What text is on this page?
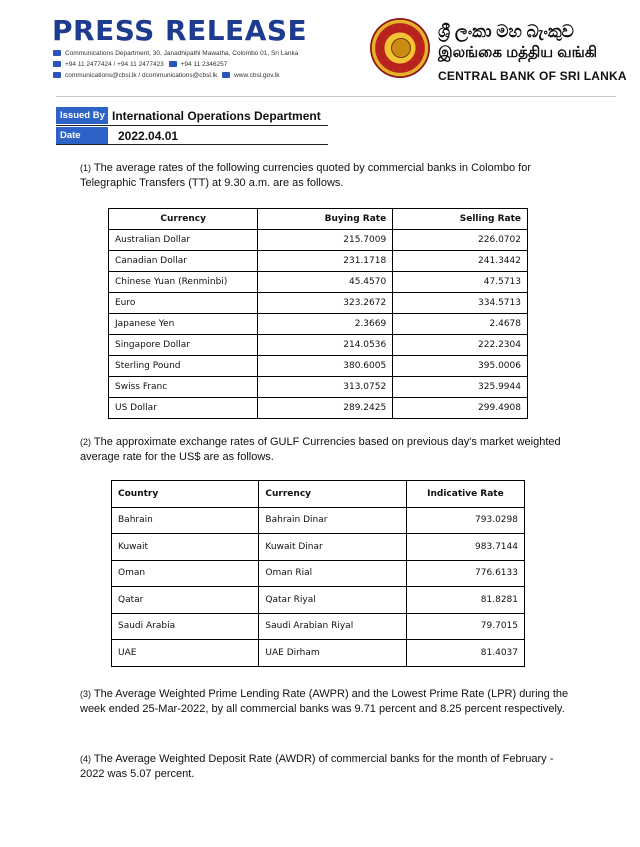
PRESS RELEASE
Communications Department, 30, Janadhipathi Mawatha, Colombo 01, Sri Lanka
+94 11 2477424 / +94 11 2477423	+94 11 2346257
communications@cbsl.lk / dcommunications@cbsl.lk	www.cbsl.gov.lk
ශ්‍රී ලංකා මහ බැංකුව
இலங்கை மத்திய வங்கி
CENTRAL BANK OF SRI LANKA
Issued By International Operations Department
Date	2022.04.01
(1) The average rates of the following currencies quoted by commercial banks in Colombo for Telegraphic Transfers (TT) at 9.30 a.m. are as follows.
Currency	Buying Rate	Selling Rate
Australian Dollar	215.7009	226.0702
Canadian Dollar	231.1718	241.3442
Chinese Yuan (Renminbi)	45.4570	47.5713
Euro	323.2672	334.5713
Japanese Yen	2.3669	2.4678
Singapore Dollar	214.0536	222.2304
Sterling Pound	380.6005	395.0006
Swiss Franc	313.0752	325.9944
US Dollar	289.2425	299.4908
(2) The approximate exchange rates of GULF Currencies based on previous day's market weighted average rate for the US$ are as follows.
Country	Currency	Indicative Rate
Bahrain	Bahrain Dinar	793.0298
Kuwait	Kuwait Dinar	983.7144
Oman	Oman Rial	776.6133
Qatar	Qatar Riyal	81.8281
Saudi Arabia	Saudi Arabian Riyal	79.7015
UAE	UAE Dirham	81.4037
(3) The Average Weighted Prime Lending Rate (AWPR) and the Lowest Prime Rate (LPR) during the week ended 25-Mar-2022, by all commercial banks was 9.71 percent and 8.25 percent respectively.
(4) The Average Weighted Deposit Rate (AWDR) of commercial banks for the month of February - 2022 was 5.07 percent.
